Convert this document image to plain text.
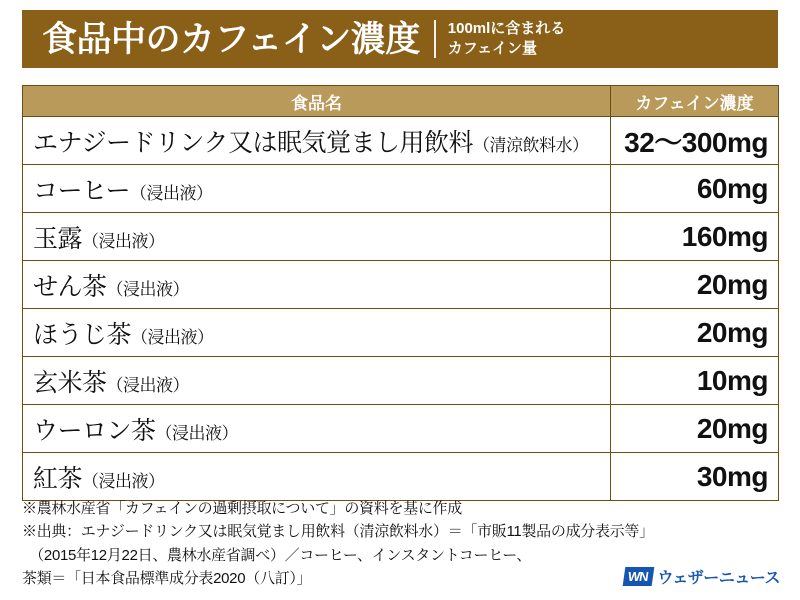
食品中のカフェイン濃度 100mlに含まれる
カフェイン量
食品名	カフェイン濃度
エナジードリンク又は眠気覚まし用飲料（清涼飲料水）	32〜300mg
コーヒー（浸出液）	60mg
玉露（浸出液）	160mg
せん茶（浸出液）	20mg
ほうじ茶（浸出液）	20mg
玄米茶（浸出液）	10mg
ウーロン茶（浸出液）	20mg
紅茶（浸出液）	30mg
※農林水産省「カフェインの過剰摂取について」の資料を基に作成
※出典：エナジードリンク又は眠気覚まし用飲料（清涼飲料水）＝「市販11製品の成分表示等」
　（2015年12月22日、農林水産省調べ）／コーヒー、インスタントコーヒー、
茶類＝「日本食品標準成分表2020（八訂）」	WN ウェザーニュース
